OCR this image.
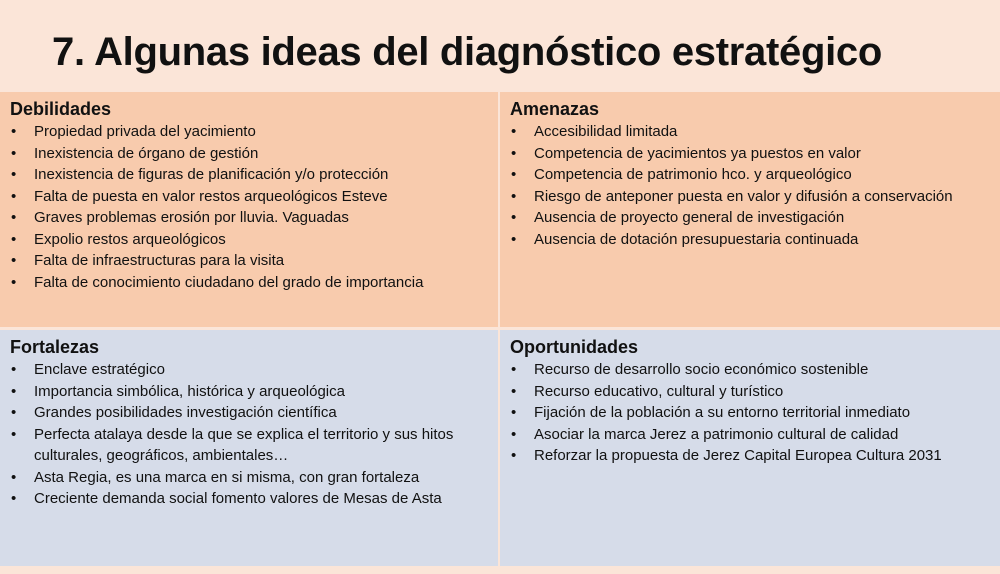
7. Algunas ideas del diagnóstico estratégico
Debilidades
• Propiedad privada del yacimiento
• Inexistencia de órgano de gestión
• Inexistencia de figuras de planificación y/o protección
• Falta de puesta en valor restos arqueológicos Esteve
• Graves problemas erosión por lluvia. Vaguadas
• Expolio restos arqueológicos
• Falta de infraestructuras para la visita
• Falta de conocimiento ciudadano del grado de importancia
Amenazas
• Accesibilidad limitada
• Competencia de yacimientos ya puestos en valor
• Competencia de patrimonio hco. y arqueológico
• Riesgo de anteponer puesta en valor y difusión a conservación
• Ausencia de proyecto general de investigación
• Ausencia de dotación presupuestaria continuada
Fortalezas
• Enclave estratégico
• Importancia simbólica, histórica y arqueológica
• Grandes posibilidades investigación científica
• Perfecta atalaya desde la que se explica el territorio y sus hitos culturales, geográficos, ambientales…
• Asta Regia, es una marca en si misma, con gran fortaleza
• Creciente demanda social fomento valores de Mesas de Asta
Oportunidades
• Recurso de desarrollo socio económico sostenible
• Recurso educativo, cultural y turístico
• Fijación de la población a su entorno territorial inmediato
• Asociar la marca Jerez a patrimonio cultural de calidad
• Reforzar la propuesta de Jerez Capital Europea Cultura 2031
